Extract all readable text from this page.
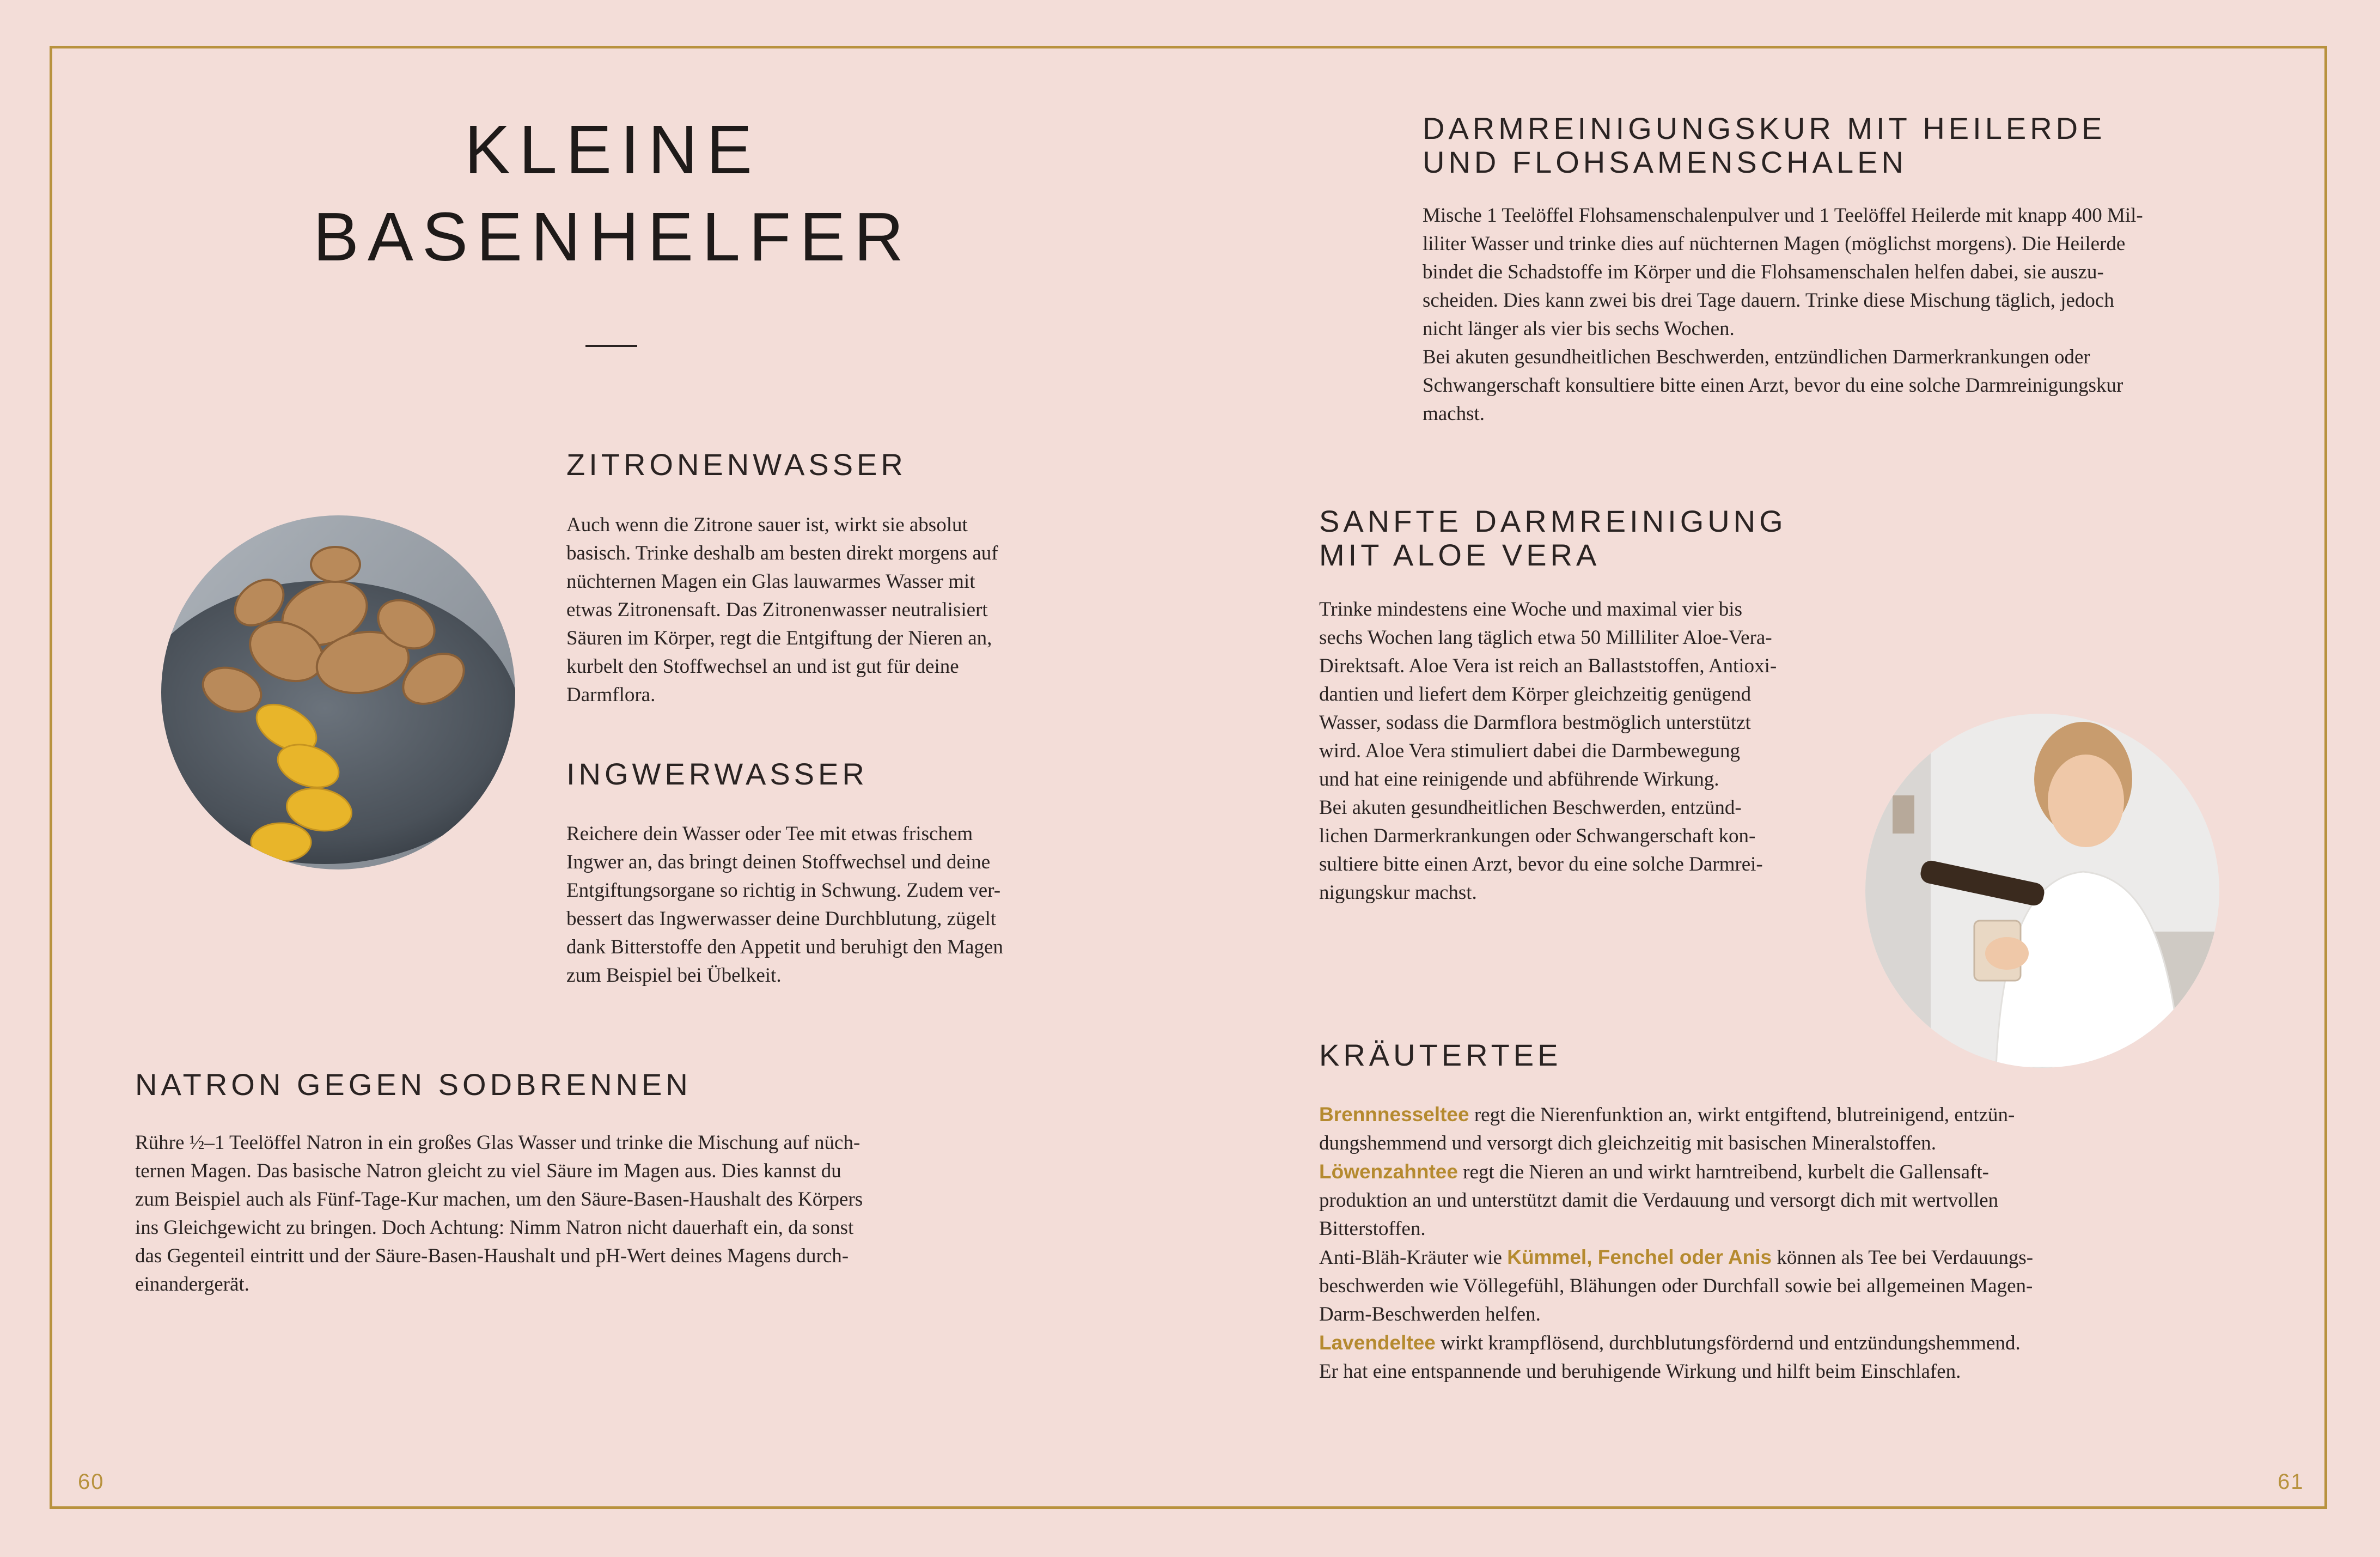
KLEINE
BASENHELFER
ZITRONENWASSER

Auch wenn die Zitrone sauer ist, wirkt sie absolut
basisch. Trinke deshalb am besten direkt morgens auf
nüchternen Magen ein Glas lauwarmes Wasser mit
etwas Zitronensaft. Das Zitronenwasser neutralisiert
Säuren im Körper, regt die Entgiftung der Nieren an,
kurbelt den Stoffwechsel an und ist gut für deine
Darmflora.

INGWERWASSER

Reichere dein Wasser oder Tee mit etwas frischem
Ingwer an, das bringt deinen Stoffwechsel und deine
Entgiftungsorgane so richtig in Schwung. Zudem ver-
bessert das Ingwerwasser deine Durchblutung, zügelt
dank Bitterstoffe den Appetit und beruhigt den Magen
zum Beispiel bei Übelkeit.

NATRON GEGEN SODBRENNEN

Rühre ½–1 Teelöffel Natron in ein großes Glas Wasser und trinke die Mischung auf nüch-
ternen Magen. Das basische Natron gleicht zu viel Säure im Magen aus. Dies kannst du
zum Beispiel auch als Fünf-Tage-Kur machen, um den Säure-Basen-Haushalt des Körpers
ins Gleichgewicht zu bringen. Doch Achtung: Nimm Natron nicht dauerhaft ein, da sonst
das Gegenteil eintritt und der Säure-Basen-Haushalt und pH-Wert deines Magens durch-
einandergerät.

60
DARMREINIGUNGSKUR MIT HEILERDE
UND FLOHSAMENSCHALEN

Mische 1 Teelöffel Flohsamenschalenpulver und 1 Teelöffel Heilerde mit knapp 400 Mil-
liliter Wasser und trinke dies auf nüchternen Magen (möglichst morgens). Die Heilerde
bindet die Schadstoffe im Körper und die Flohsamenschalen helfen dabei, sie auszu-
scheiden. Dies kann zwei bis drei Tage dauern. Trinke diese Mischung täglich, jedoch
nicht länger als vier bis sechs Wochen.
Bei akuten gesundheitlichen Beschwerden, entzündlichen Darmerkrankungen oder
Schwangerschaft konsultiere bitte einen Arzt, bevor du eine solche Darmreinigungskur
machst.

SANFTE DARMREINIGUNG
MIT ALOE VERA

Trinke mindestens eine Woche und maximal vier bis
sechs Wochen lang täglich etwa 50 Milliliter Aloe-Vera-
Direktsaft. Aloe Vera ist reich an Ballaststoffen, Antioxi-
dantien und liefert dem Körper gleichzeitig genügend
Wasser, sodass die Darmflora bestmöglich unterstützt
wird. Aloe Vera stimuliert dabei die Darmbewegung
und hat eine reinigende und abführende Wirkung.
Bei akuten gesundheitlichen Beschwerden, entzünd-
lichen Darmerkrankungen oder Schwangerschaft kon-
sultiere bitte einen Arzt, bevor du eine solche Darmrei-
nigungskur machst.

KRÄUTERTEE

Brennnesseltee regt die Nierenfunktion an, wirkt entgiftend, blutreinigend, entzün-
dungshemmend und versorgt dich gleichzeitig mit basischen Mineralstoffen.
Löwenzahntee regt die Nieren an und wirkt harntreibend, kurbelt die Gallensaft-
produktion an und unterstützt damit die Verdauung und versorgt dich mit wertvollen
Bitterstoffen.
Anti-Bläh-Kräuter wie Kümmel, Fenchel oder Anis können als Tee bei Verdauungs-
beschwerden wie Völlegefühl, Blähungen oder Durchfall sowie bei allgemeinen Magen-
Darm-Beschwerden helfen.
Lavendeltee wirkt krampflösend, durchblutungsfördernd und entzündungshemmend.
Er hat eine entspannende und beruhigende Wirkung und hilft beim Einschlafen.

61
